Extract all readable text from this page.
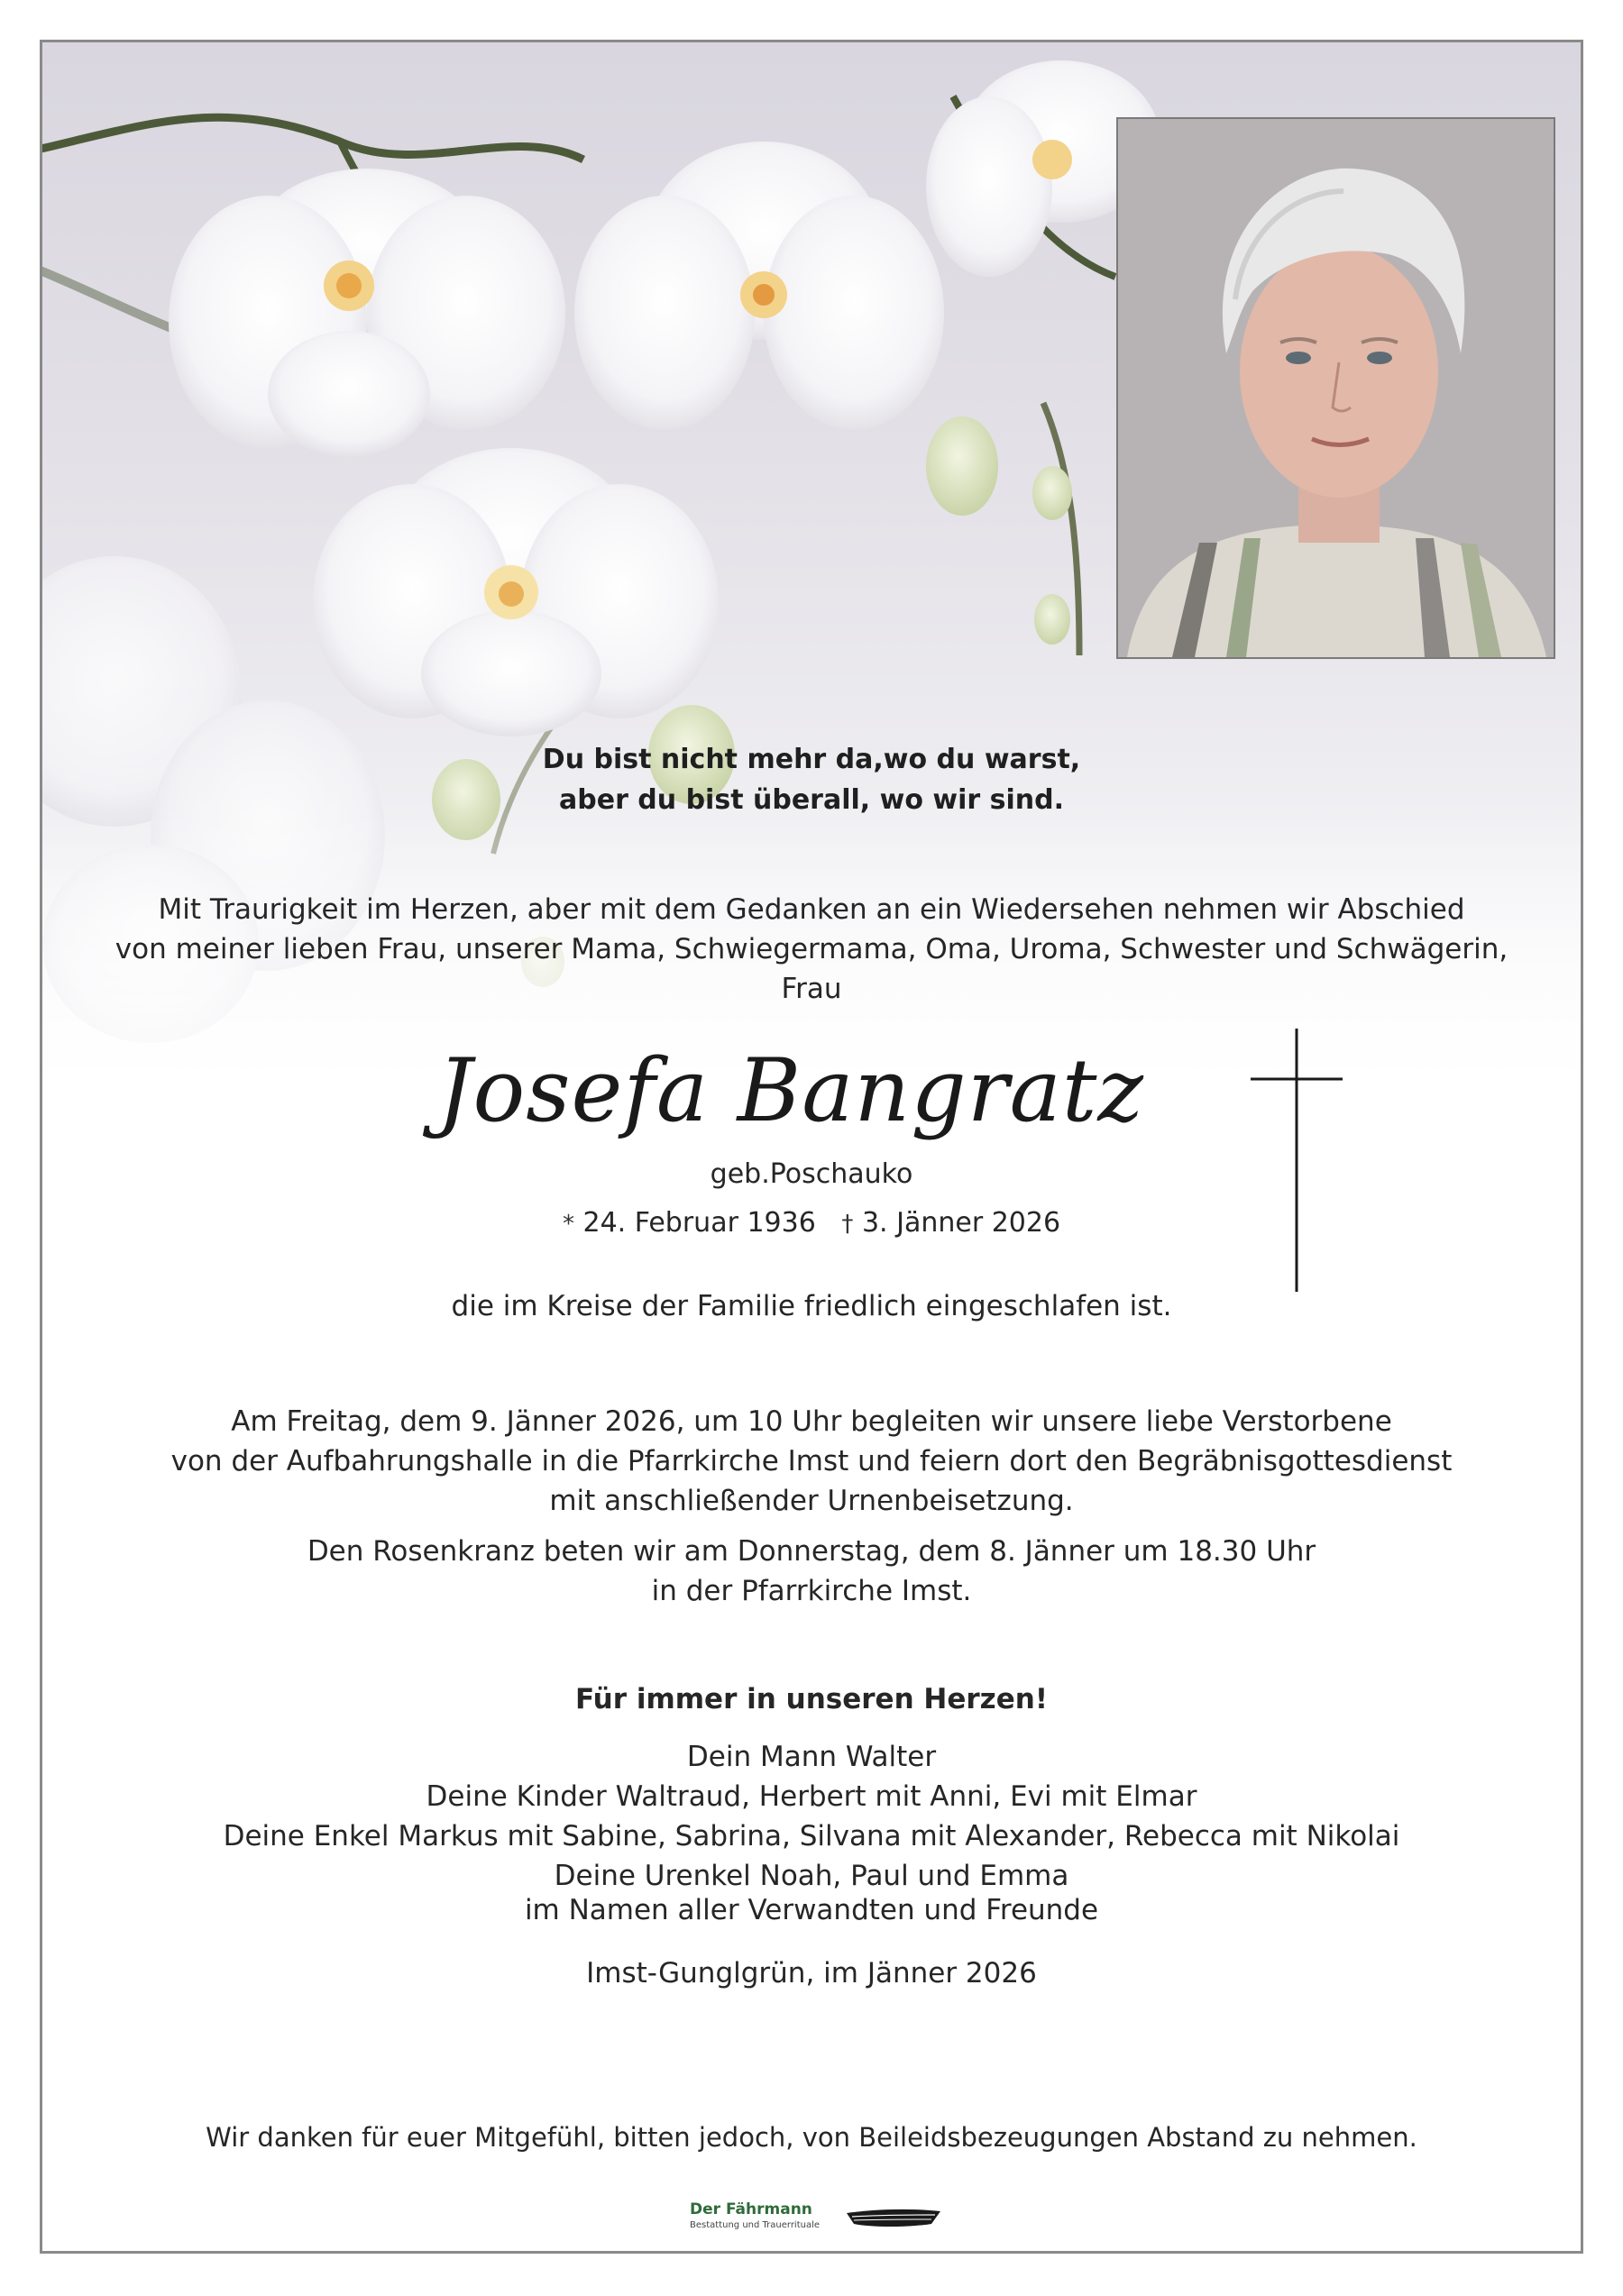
Du bist nicht mehr da,wo du warst,
aber du bist überall, wo wir sind.
Mit Traurigkeit im Herzen, aber mit dem Gedanken an ein Wiedersehen nehmen wir Abschied
von meiner lieben Frau, unserer Mama, Schwiegermama, Oma, Uroma, Schwester und Schwägerin,
Frau
Josefa Bangratz
geb.Poschauko
* 24. Februar 1936 † 3. Jänner 2026
die im Kreise der Familie friedlich eingeschlafen ist.
Am Freitag, dem 9. Jänner 2026, um 10 Uhr begleiten wir unsere liebe Verstorbene
von der Aufbahrungshalle in die Pfarrkirche Imst und feiern dort den Begräbnisgottesdienst
mit anschließender Urnenbeisetzung.
Den Rosenkranz beten wir am Donnerstag, dem 8. Jänner um 18.30 Uhr
in der Pfarrkirche Imst.
Für immer in unseren Herzen!
Dein Mann Walter
Deine Kinder Waltraud, Herbert mit Anni, Evi mit Elmar
Deine Enkel Markus mit Sabine, Sabrina, Silvana mit Alexander, Rebecca mit Nikolai
Deine Urenkel Noah, Paul und Emma
im Namen aller Verwandten und Freunde
Imst-Gunglgrün, im Jänner 2026
Wir danken für euer Mitgefühl, bitten jedoch, von Beileidsbezeugungen Abstand zu nehmen.
Der Fährmann
Bestattung und Trauerrituale
